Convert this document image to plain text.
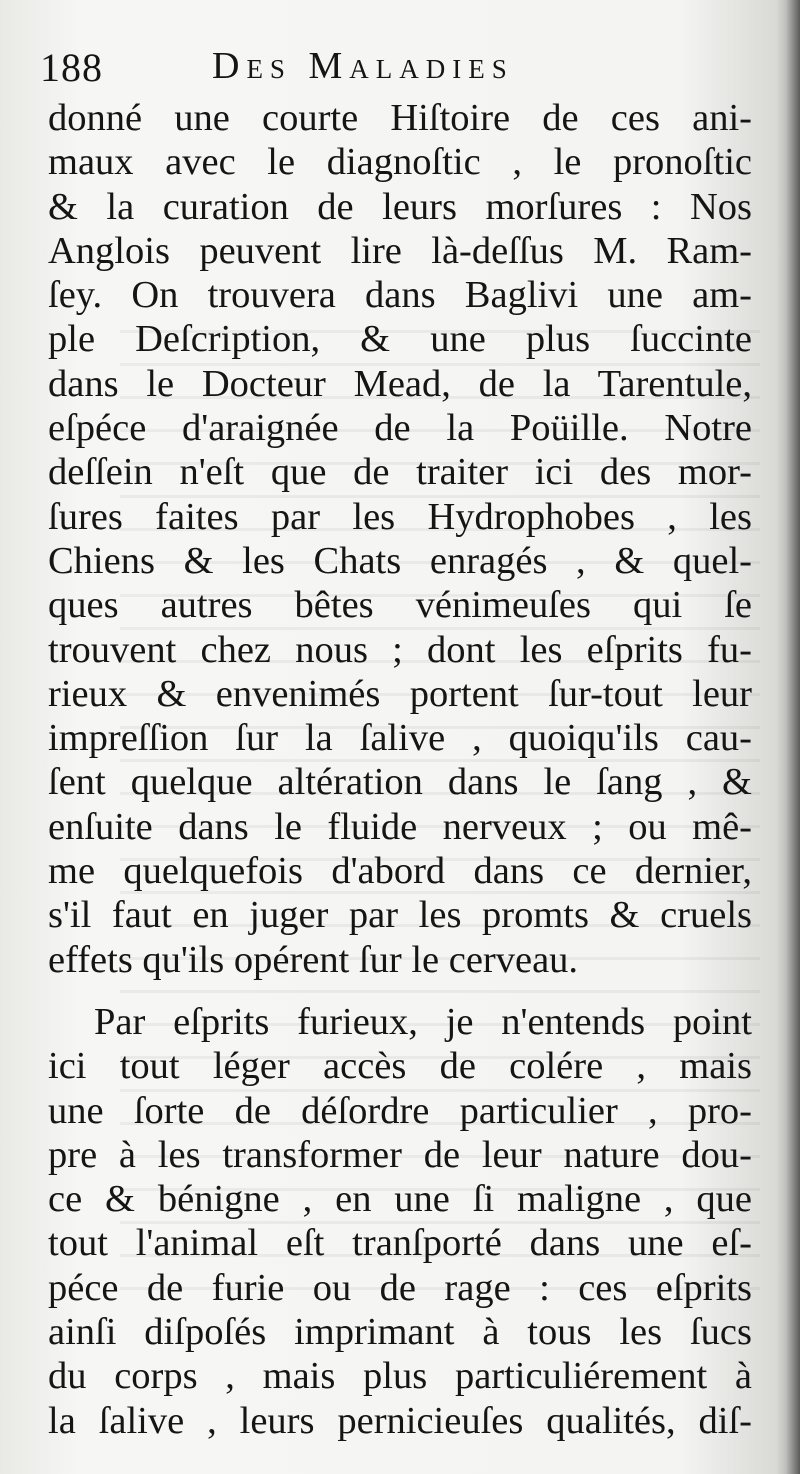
188	Des Maladies
donné une courte Hiſtoire de ces ani-
maux avec le diagnoſtic , le pronoſtic
& la curation de leurs morſures : Nos
Anglois peuvent lire là-deſſus M. Ram-
ſey. On trouvera dans Baglivi une am-
ple Deſcription, & une plus ſuccinte
dans le Docteur Mead, de la Tarentule,
eſpéce d'araignée de la Poüille. Notre
deſſein n'eſt que de traiter ici des mor-
ſures faites par les Hydrophobes , les
Chiens & les Chats enragés , & quel-
ques autres bêtes vénimeuſes qui ſe
trouvent chez nous ; dont les eſprits fu-
rieux & envenimés portent ſur-tout leur
impreſſion ſur la ſalive , quoiqu'ils cau-
ſent quelque altération dans le ſang , &
enſuite dans le fluide nerveux ; ou mê-
me quelquefois d'abord dans ce dernier,
s'il faut en juger par les promts & cruels
effets qu'ils opérent ſur le cerveau.
Par eſprits furieux, je n'entends point
ici tout léger accès de colére , mais
une ſorte de déſordre particulier , pro-
pre à les transformer de leur nature dou-
ce & bénigne , en une ſi maligne , que
tout l'animal eſt tranſporté dans une eſ-
péce de furie ou de rage : ces eſprits
ainſi diſpoſés imprimant à tous les ſucs
du corps , mais plus particuliérement à
la ſalive , leurs pernicieuſes qualités, diſ-
